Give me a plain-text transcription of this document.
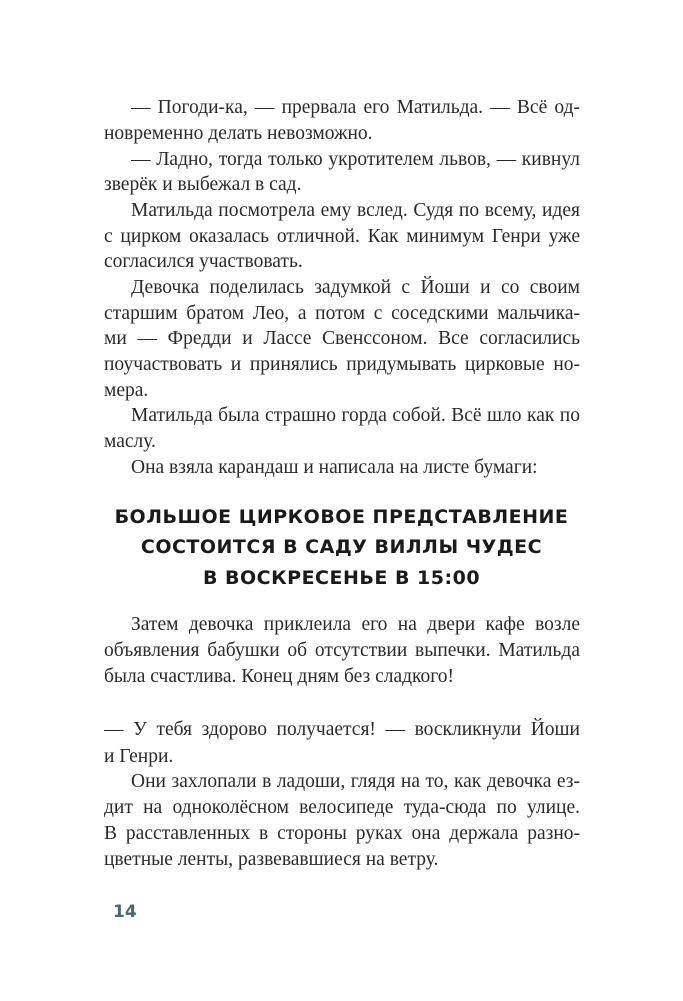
— Погоди-ка, — прервала его Матильда. — Всё од-
новременно делать невозможно.
— Ладно, тогда только укротителем львов, — кивнул
зверёк и выбежал в сад.
Матильда посмотрела ему вслед. Судя по всему, идея
с цирком оказалась отличной. Как минимум Генри уже
согласился участвовать.
Девочка поделилась задумкой с Йоши и со своим
старшим братом Лео, а потом с соседскими мальчика-
ми — Фредди и Лассе Свенссоном. Все согласились
поучаствовать и принялись придумывать цирковые но-
мера.
Матильда была страшно горда собой. Всё шло как по
маслу.
Она взяла карандаш и написала на листе бумаги:
БОЛЬШОЕ ЦИРКОВОЕ ПРЕДСТАВЛЕНИЕ
СОСТОИТСЯ В САДУ ВИЛЛЫ ЧУДЕС
В ВОСКРЕСЕНЬЕ В 15:00
Затем девочка приклеила его на двери кафе возле
объявления бабушки об отсутствии выпечки. Матильда
была счастлива. Конец дням без сладкого!
— У тебя здорово получается! — воскликнули Йоши
и Генри.
Они захлопали в ладоши, глядя на то, как девочка ез-
дит на одноколёсном велосипеде туда-сюда по улице.
В расставленных в стороны руках она держала разно-
цветные ленты, развевавшиеся на ветру.
14
